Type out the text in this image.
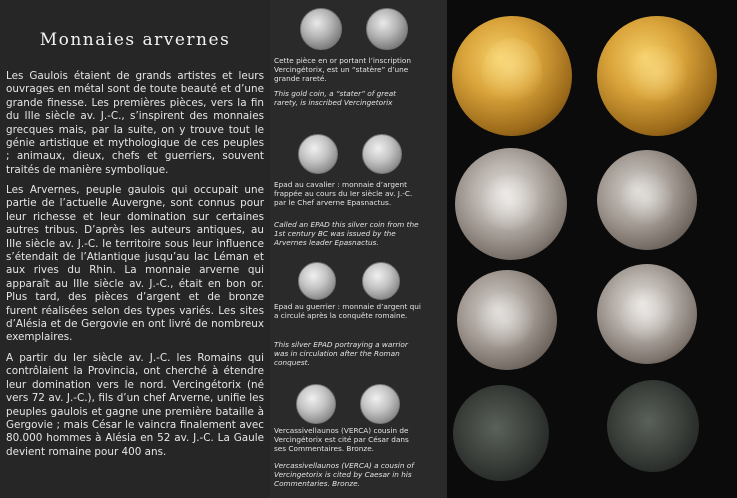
Monnaies arvernes

Les Gaulois étaient de grands artistes et leurs ouvrages en métal sont de toute beauté et d’une grande finesse. Les premières pièces, vers la fin du IIIe siècle av. J.-C., s’inspirent des monnaies grecques mais, par la suite, on y trouve tout le génie artistique et mythologique de ces peuples ; animaux, dieux, chefs et guerriers, souvent traités de manière symbolique.

Les Arvernes, peuple gaulois qui occupait une partie de l’actuelle Auvergne, sont connus pour leur richesse et leur domination sur certaines autres tribus. D’après les auteurs antiques, au IIIe siècle av. J.-C. le territoire sous leur influence s’étendait de l’Atlantique jusqu’au lac Léman et aux rives du Rhin. La monnaie arverne qui apparaît au IIIe siècle av. J.-C., était en bon or. Plus tard, des pièces d’argent et de bronze furent réalisées selon des types variés. Les sites d’Alésia et de Gergovie en ont livré de nombreux exemplaires.

A partir du Ier siècle av. J.-C. les Romains qui contrôlaient la Provincia, ont cherché à étendre leur domination vers le nord. Vercingétorix (né vers 72 av. J.-C.), fils d’un chef Arverne, unifie les peuples gaulois et gagne une première bataille à Gergovie ; mais César le vaincra finalement avec 80.000 hommes à Alésia en 52 av. J.-C. La Gaule devient romaine pour 400 ans.

Cette pièce en or portant l’inscription Vercingétorix, est un “statère” d’une grande rareté.

This gold coin, a “stater” of great rarety, is inscribed Vercingetorix

Epad au cavalier : monnaie d’argent frappée au cours du Ier siècle av. J.-C. par le Chef arverne Epasnactus.

Called an EPAD this silver coin from the 1st century BC was issued by the Arvernes leader Epasnactus.

Epad au guerrier : monnaie d’argent qui a circulé après la conquête romaine.

This silver EPAD portraying a warrior was in circulation after the Roman conquest.

Vercassivellaunos (VERCA) cousin de Vercingétorix est cité par César dans ses Commentaires. Bronze.

Vercassivellaunos (VERCA) a cousin of Vercingetorix is cited by Caesar in his Commentaries. Bronze.
